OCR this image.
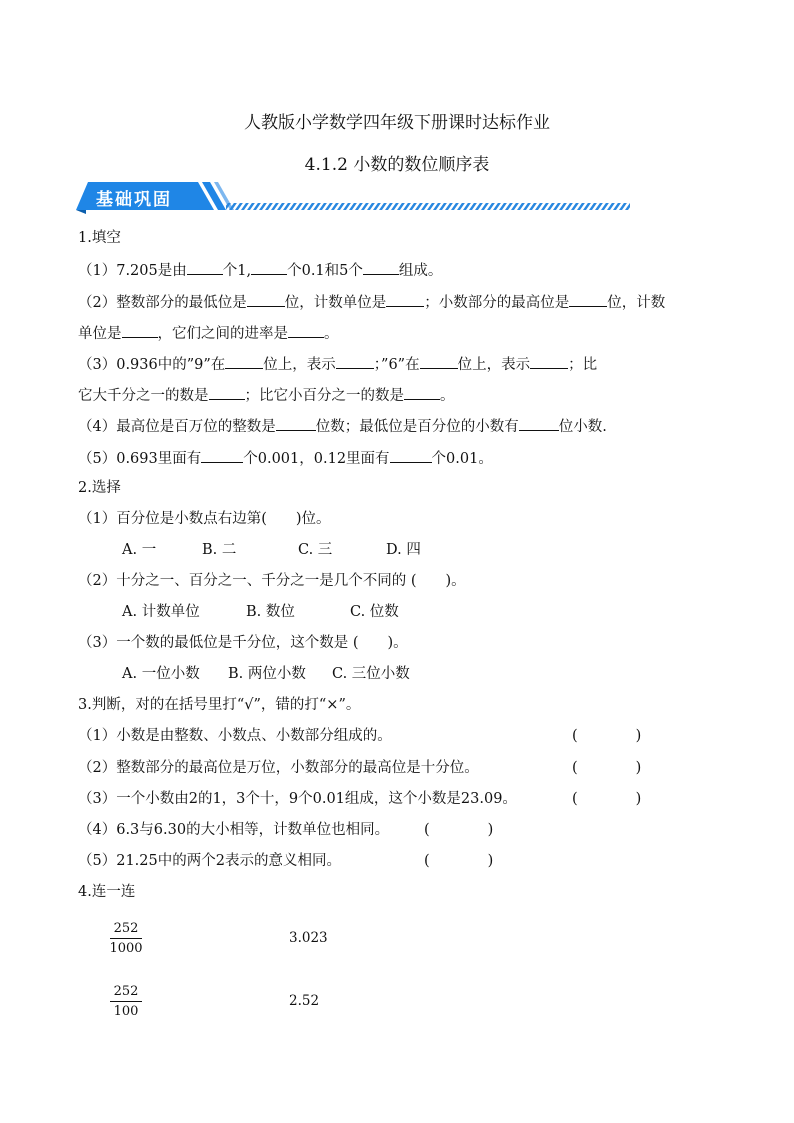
人教版小学数学四年级下册课时达标作业
4.1.2 小数的数位顺序表
基础巩固
1.填空
（1）7.205是由 个1, 个0.1和5个 组成。
（2）整数部分的最低位是	位，计数单位是	；小数部分的最高位是	位，计数
单位是 ，它们之间的进率是 。
（3）0.936中的”9”在	位上，表示	；”6”在	位上，表示	；比
它大千分之一的数是 ；比它小百分之一的数是 。
（4）最高位是百万位的整数是	位数；最低位是百分位的小数有	位小数.
（5）0.693里面有	个0.001，0.12里面有	个0.01。
2.选择
（1）百分位是小数点右边第(　　)位。
A. 一	B. 二	C. 三	D. 四
（2）十分之一、百分之一、千分之一是几个不同的 (　　)。
A. 计数单位	B. 数位	C. 位数
（3）一个数的最低位是千分位，这个数是 (　　)。
A. 一位小数 B. 两位小数 C. 三位小数
3.判断，对的在括号里打“√”，错的打“×”。
（1）小数是由整数、小数点、小数部分组成的。	(　　　　)
（2）整数部分的最高位是万位，小数部分的最高位是十分位。	(　　　　)
（3）一个小数由2的1，3个十，9个0.01组成，这个小数是23.09。	(　　　　)
（4）6.3与6.30的大小相等，计数单位也相同。 (　　　　)
（5）21.25中的两个2表示的意义相同。	(　　　　)
4.连一连
252
1000
3.023
252
100
2.52
